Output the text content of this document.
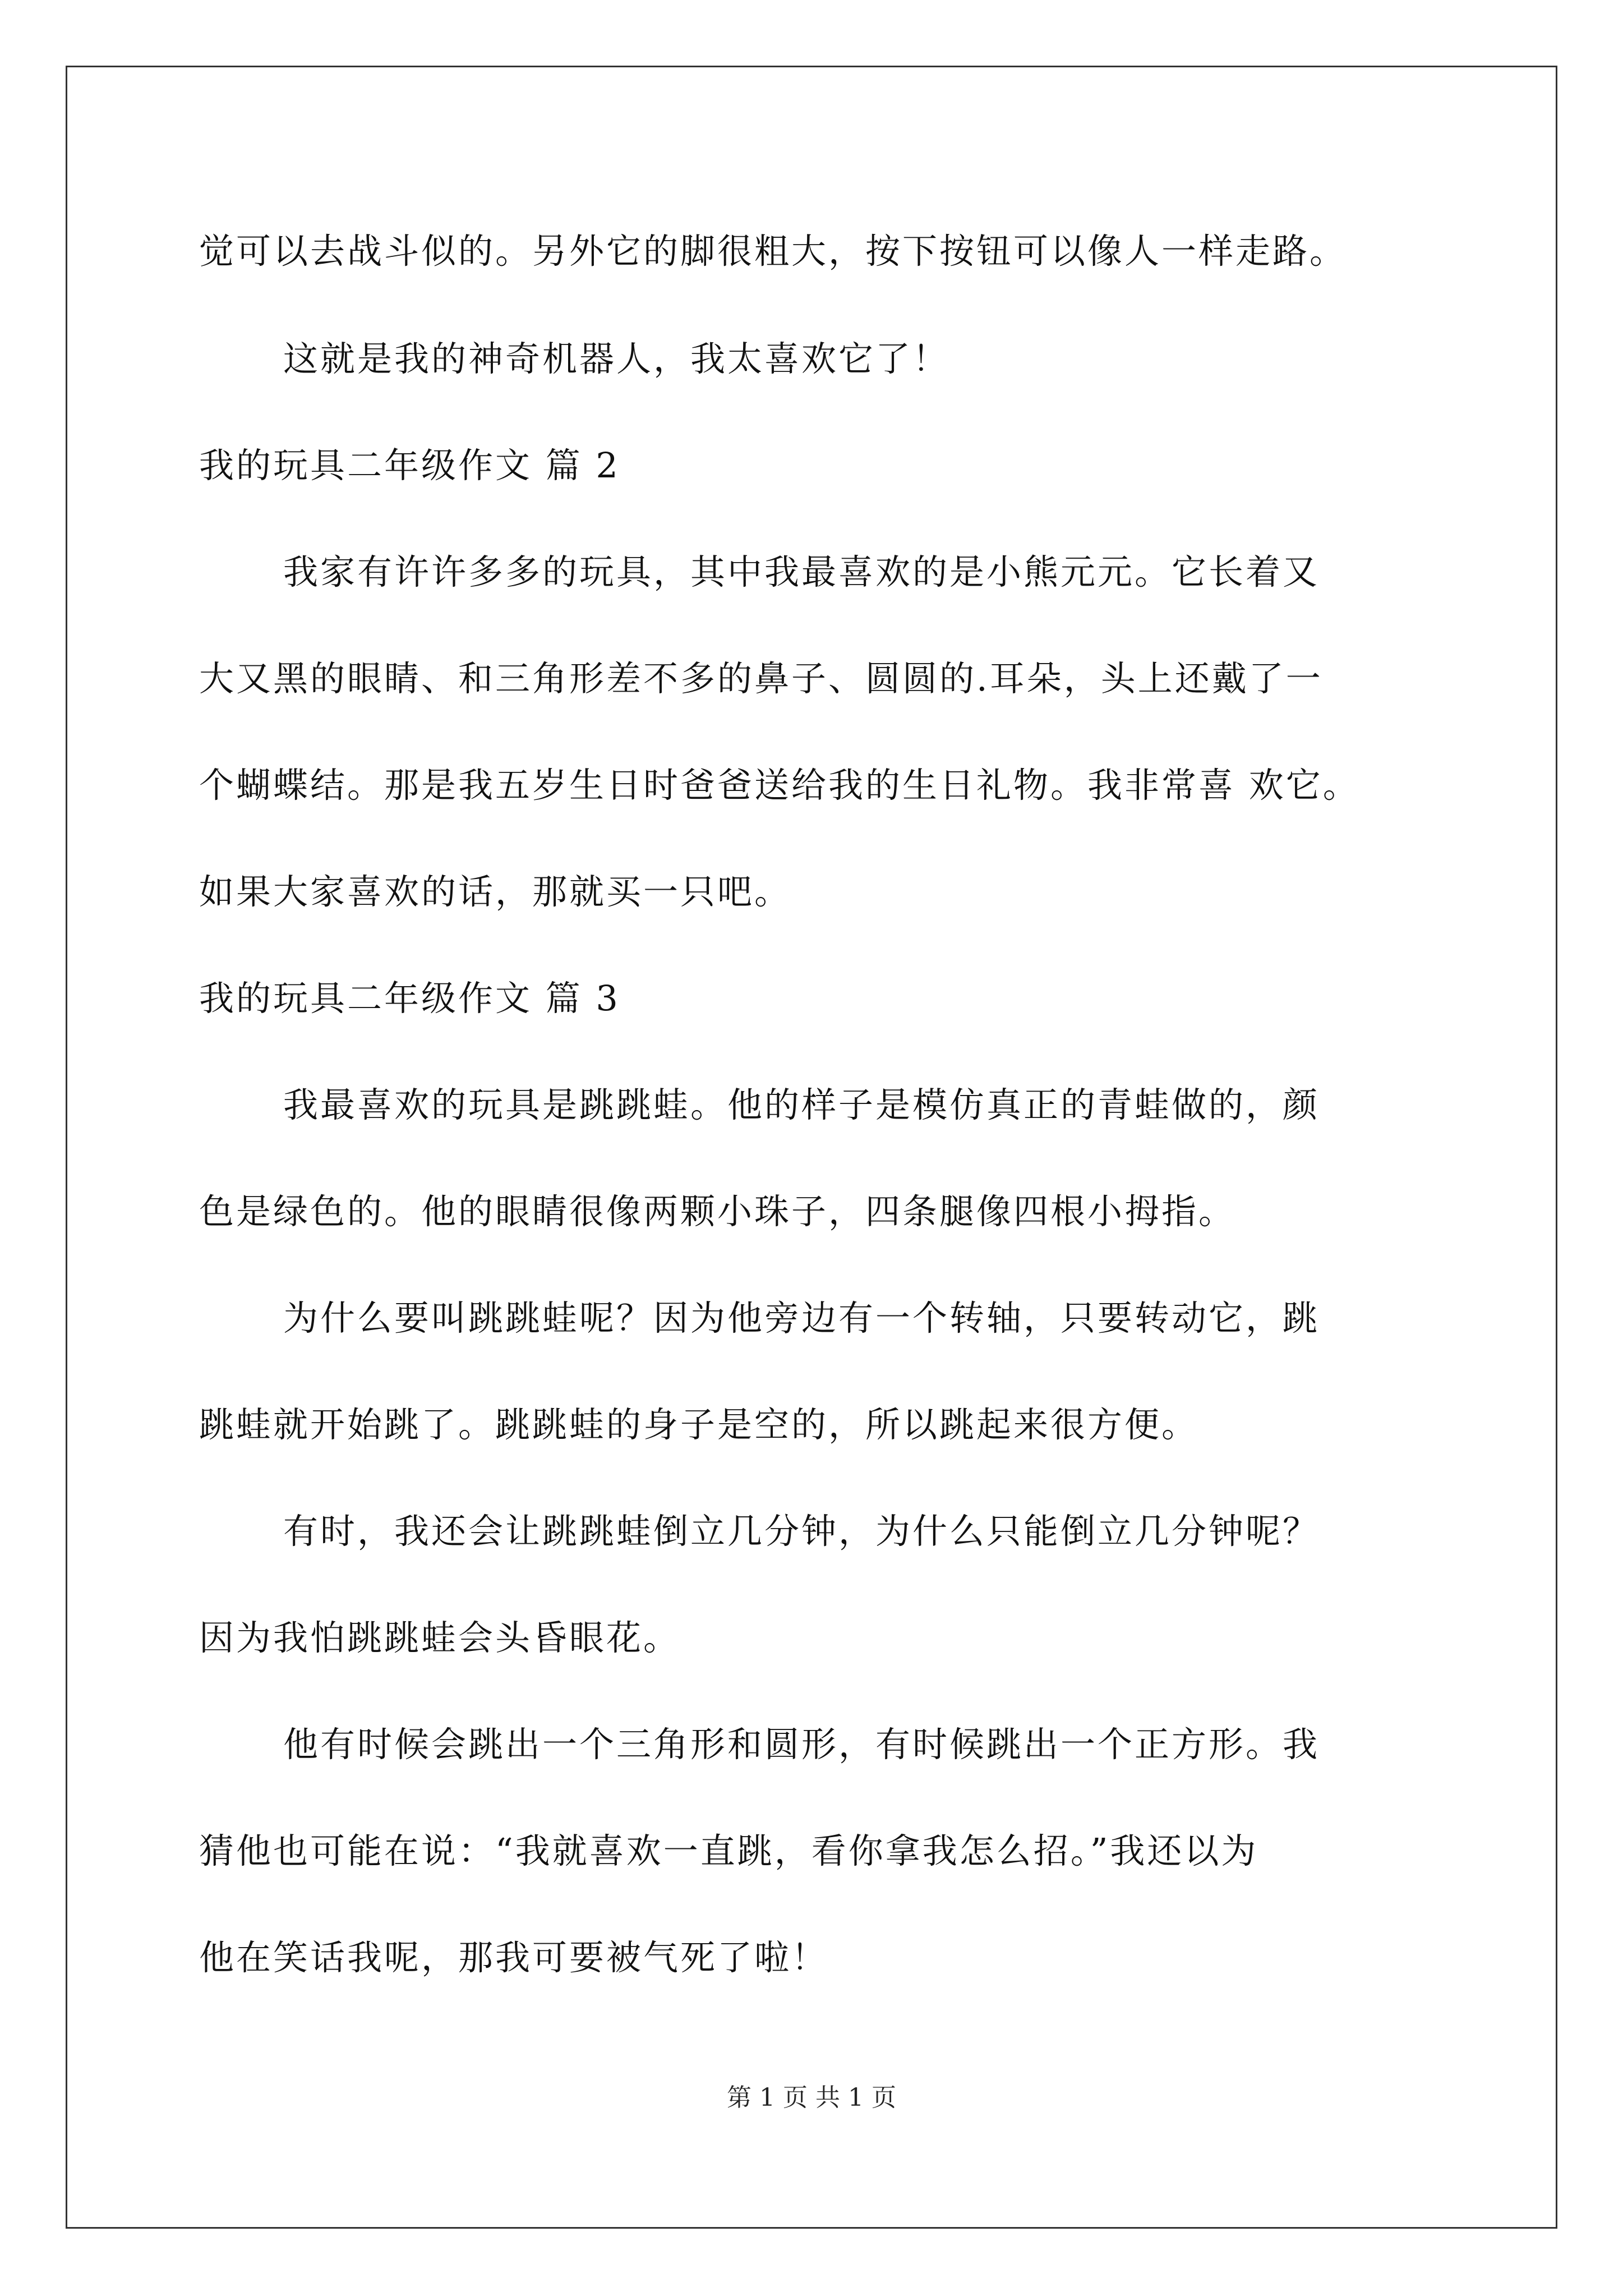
觉可以去战斗似的。另外它的脚很粗大，按下按钮可以像人一样走路。
这就是我的神奇机器人，我太喜欢它了！
我的玩具二年级作文 篇 2
我家有许许多多的玩具，其中我最喜欢的是小熊元元。它长着又
大又黑的眼睛、和三角形差不多的鼻子、圆圆的.耳朵，头上还戴了一
个蝴蝶结。那是我五岁生日时爸爸送给我的生日礼物。我非常喜 欢它。
如果大家喜欢的话，那就买一只吧。
我的玩具二年级作文 篇 3
我最喜欢的玩具是跳跳蛙。他的样子是模仿真正的青蛙做的，颜
色是绿色的。他的眼睛很像两颗小珠子，四条腿像四根小拇指。
为什么要叫跳跳蛙呢？因为他旁边有一个转轴，只要转动它，跳
跳蛙就开始跳了。跳跳蛙的身子是空的，所以跳起来很方便。
有时，我还会让跳跳蛙倒立几分钟，为什么只能倒立几分钟呢？
因为我怕跳跳蛙会头昏眼花。
他有时候会跳出一个三角形和圆形，有时候跳出一个正方形。我
猜他也可能在说：“我就喜欢一直跳，看你拿我怎么招。”我还以为
他在笑话我呢，那我可要被气死了啦！
第 1 页 共 1 页
